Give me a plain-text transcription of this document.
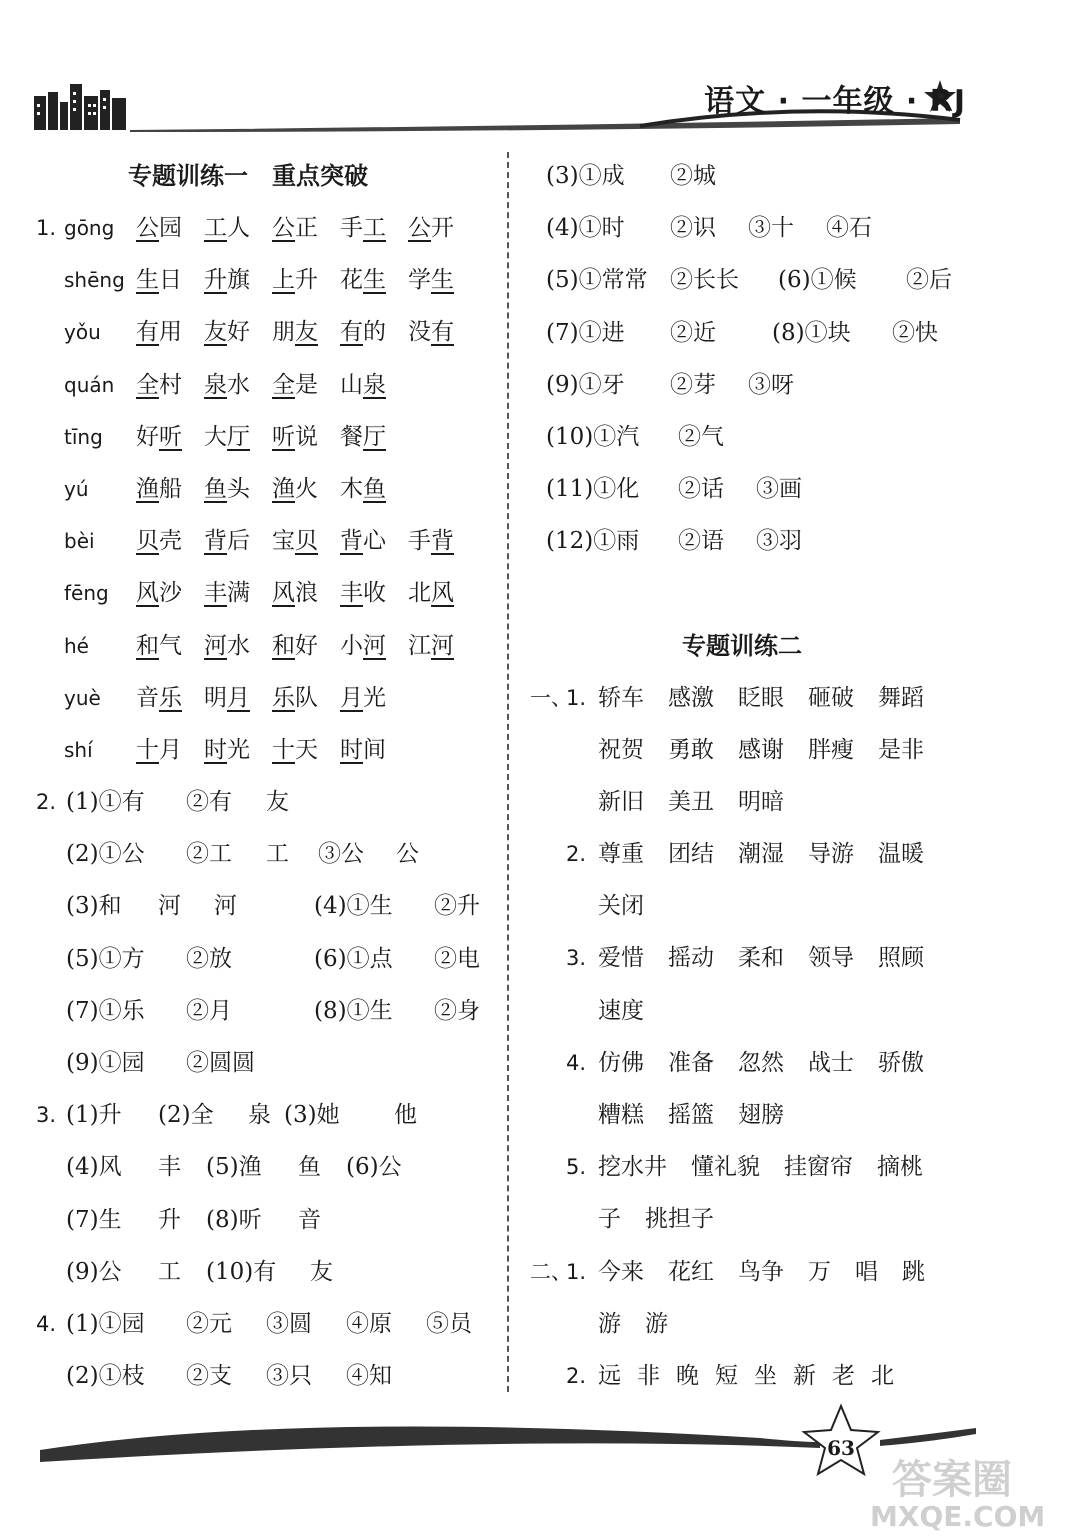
语文 · 一年级 · RJ
专题训练一　重点突破
1. gōng 公园 工人 公正 手工 公开
shēng 生日 升旗 上升 花生 学生
yǒu 有用 友好 朋友 有的 没有
quán 全村 泉水 全是 山泉
tīng 好听 大厅 听说 餐厅
yú 渔船 鱼头 渔火 木鱼
bèi 贝壳 背后 宝贝 背心 手背
fēng 风沙 丰满 风浪 丰收 北风
hé 和气 河水 和好 小河 江河
yuè 音乐 明月 乐队 月光
shí 十月 时光 十天 时间
2. (1)①有 ②有 友
(2)①公 ②工 工 ③公 公
(3)和 河 河	(4)①生 ②升
(5)①方 ②放	(6)①点 ②电
(7)①乐 ②月	(8)①生 ②身
(9)①园 ②圆圆
3. (1)升 (2)全 泉 (3)她 他
(4)风 丰 (5)渔 鱼 (6)公
(7)生 升 (8)听 音
(9)公 工 (10)有 友
4. (1)①园 ②元 ③圆 ④原 ⑤员
(2)①枝 ②支 ③只 ④知
(3)①成 ②城
(4)①时 ②识 ③十 ④石
(5)①常常 ②长长 (6)①候 ②后
(7)①进 ②近 (8)①块 ②快
(9)①牙 ②芽 ③呀
(10)①汽 ②气
(11)①化 ②话 ③画
(12)①雨 ②语 ③羽
专题训练二
一、
1. 轿车 感激 眨眼 砸破 舞蹈
祝贺 勇敢 感谢 胖瘦 是非
新旧 美丑 明暗
2. 尊重 团结 潮湿 导游 温暖
关闭
3. 爱惜 摇动 柔和 领导 照顾
速度
4. 仿佛 准备 忽然 战士 骄傲
糟糕 摇篮 翅膀
5. 挖水井 懂礼貌 挂窗帘 摘桃
子 挑担子
二、
1. 今来 花红 鸟争 万 唱 跳
游 游
2. 远 非 晚 短 坐 新 老 北
63
答案圈
MXQE.COM
